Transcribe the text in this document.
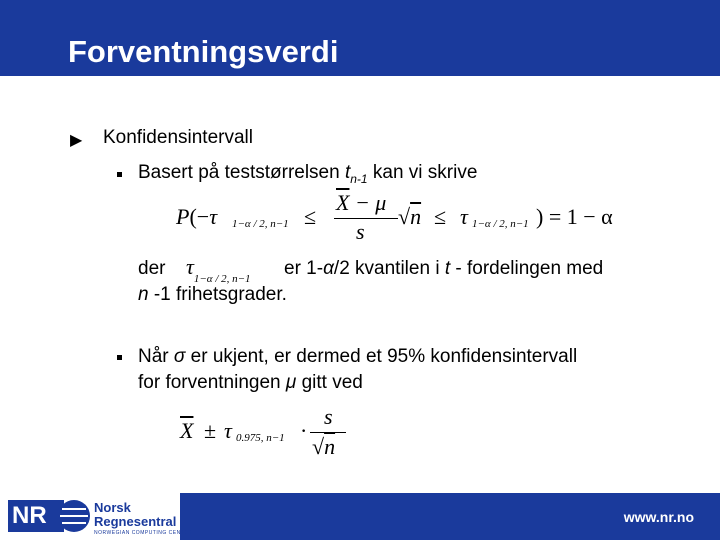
Forventningsverdi
▶ Konfidensintervall
Basert på teststørrelsen $t_{n-1}$ kan vi skrive
P(−τ 1−α / 2, n−1 ≤
$\overline{X} - \mu$
s
√n ≤ τ 1−α / 2, n−1 ) = 1 − α
der $\tau_{1-\alpha / 2, n-1}$ er 1-α/2 kvantilen i t - fordelingen med
n -1 frihetsgrader.
Når σ er ukjent, er dermed et 95% konfidensintervall
for forventningen μ gitt ved
$\overline{X} \pm \tau$ 0.975, n−1 ·
s
√n
NR	Norsk
Regnesentral
NORWEGIAN COMPUTING CENTER
www.nr.no
